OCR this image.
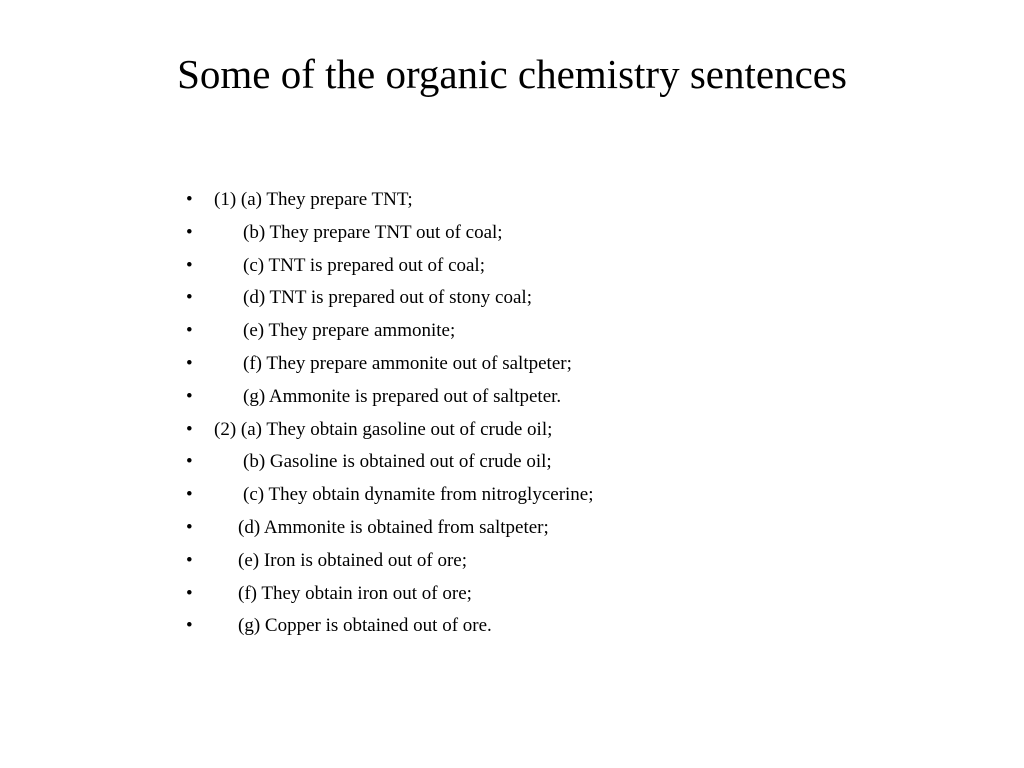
Some of the organic chemistry sentences
•	(1) (a) They prepare TNT;
•	(b) They prepare TNT out of coal;
•	(c) TNT is prepared out of coal;
•	(d) TNT is prepared out of stony coal;
•	(e) They prepare ammonite;
•	(f) They prepare ammonite out of saltpeter;
•	(g) Ammonite is prepared out of saltpeter.
•	(2) (a) They obtain gasoline out of crude oil;
•	(b) Gasoline is obtained out of crude oil;
•	(c) They obtain dynamite from nitroglycerine;
•	(d) Ammonite is obtained from saltpeter;
•	(e) Iron is obtained out of ore;
•	(f) They obtain iron out of ore;
•	(g) Copper is obtained out of ore.
